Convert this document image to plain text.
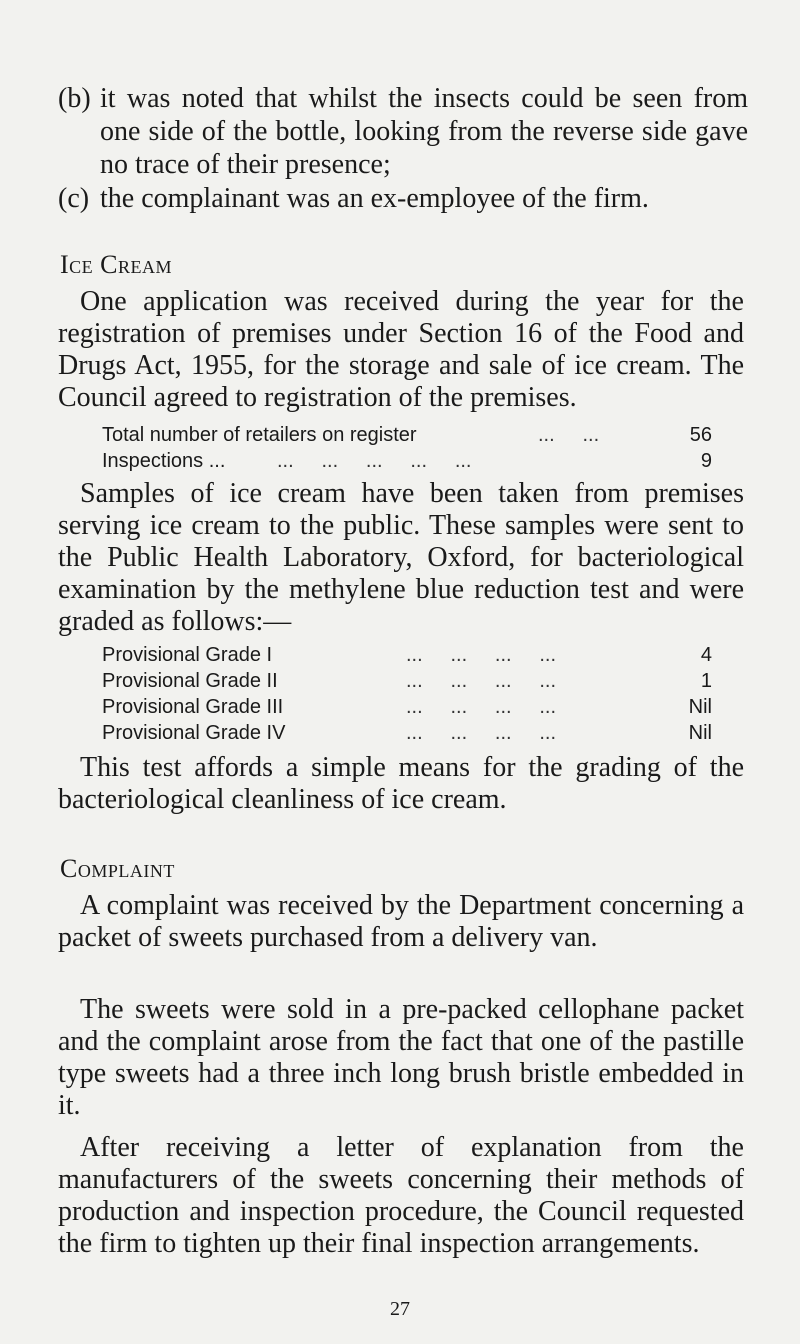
(b) it was noted that whilst the insects could be seen from one side of the bottle, looking from the reverse side gave no trace of their presence;
(c) the complainant was an ex-employee of the firm.
Ice Cream
One application was received during the year for the registration of premises under Section 16 of the Food and Drugs Act, 1955, for the storage and sale of ice cream. The Council agreed to registration of the premises.
Total number of retailers on register	...     ...	56
Inspections ...	...     ...     ...     ...     ...	9
Samples of ice cream have been taken from premises serving ice cream to the public. These samples were sent to the Public Health Laboratory, Oxford, for bacteriological examination by the methylene blue reduction test and were graded as follows:—
Provisional Grade I	...     ...     ...     ...	4
Provisional Grade II	...     ...     ...     ...	1
Provisional Grade III	...     ...     ...     ...	Nil
Provisional Grade IV	...     ...     ...     ...	Nil
This test affords a simple means for the grading of the bacteriological cleanliness of ice cream.
Complaint
A complaint was received by the Department concerning a packet of sweets purchased from a delivery van.
The sweets were sold in a pre-packed cellophane packet and the complaint arose from the fact that one of the pastille type sweets had a three inch long brush bristle embedded in it.
After receiving a letter of explanation from the manufacturers of the sweets concerning their methods of production and inspection procedure, the Council requested the firm to tighten up their final inspection arrangements.
27
